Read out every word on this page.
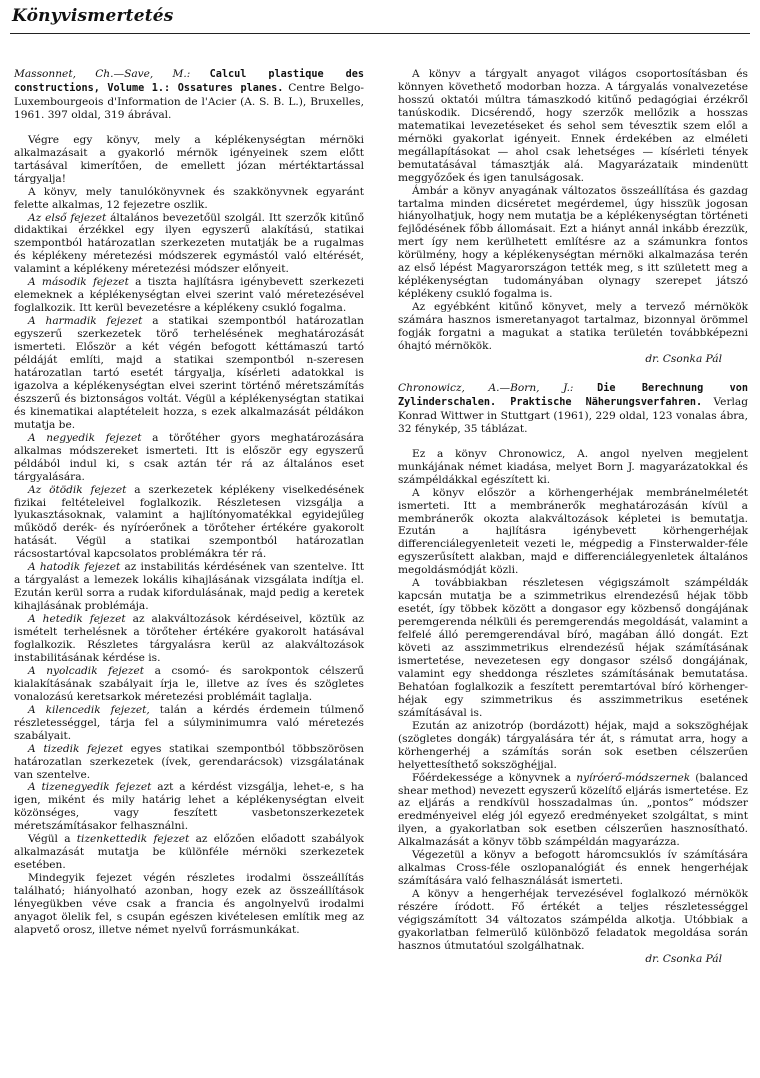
Könyvismertetés

Massonnet, Ch.—Save, M.: Calcul plastique des constructions, Volume 1.: Ossatures planes. Centre Belgo-Luxembourgeois d'Information de l'Acier (A. S. B. L.), Bruxelles, 1961. 397 oldal, 319 ábrával.

Végre egy könyv, mely a képlékenységtan mérnöki alkalmazásait a gyakorló mérnök igényeinek szem előtt tartásával kimerítően, de emellett józan mértéktartással tárgyalja!

A könyv, mely tanulókönyvnek és szakkönyvnek egyaránt felette alkalmas, 12 fejezetre oszlik.

Az első fejezet általános bevezetőül szolgál. Itt szerzők kitűnő didaktikai érzékkel egy ilyen egyszerű alakítású, statikai szempontból határozatlan szerkezeten mutatják be a rugalmas és képlékeny méretezési módszerek egymástól való eltérését, valamint a képlékeny méretezési módszer előnyeit.

A második fejezet a tiszta hajlításra igénybevett szerkezeti elemeknek a képlékenységtan elvei szerint való méretezésével foglalkozik. Itt kerül bevezetésre a képlékeny csukló fogalma.

A harmadik fejezet a statikai szempontból határozatlan egyszerű szerkezetek törő terhelésének meghatározását ismerteti. Először a két végén befogott kéttámaszú tartó példáját említi, majd a statikai szempontból n-szeresen határozatlan tartó esetét tárgyalja, kísérleti adatokkal is igazolva a képlékenységtan elvei szerint történő méretszámítás észszerű és biztonságos voltát. Végül a képlékenységtan statikai és kinematikai alaptételeit hozza, s ezek alkalmazását példákon mutatja be.

A negyedik fejezet a törőtéher gyors meghatározására alkalmas módszereket ismerteti. Itt is először egy egyszerű példából indul ki, s csak aztán tér rá az általános eset tárgyalására.

Az ötödik fejezet a szerkezetek képlékeny viselkedésének fizikai feltételeivel foglalkozik. Részletesen vizsgálja a lyukasztásoknak, valamint a hajlítónyomatékkal egyidejűleg működő derék- és nyíróerőnek a törőteher értékére gyakorolt hatását. Végül a statikai szempontból határozatlan rácsostartóval kapcsolatos problémákra tér rá.

A hatodik fejezet az instabilitás kérdésének van szentelve. Itt a tárgyalást a lemezek lokális kihajlásának vizsgálata indítja el. Ezután kerül sorra a rudak kifordulásának, majd pedig a keretek kihajlásának problémája.

A hetedik fejezet az alakváltozások kérdéseivel, köztük az ismételt terhelésnek a törőteher értékére gyakorolt hatásával foglalkozik. Részletes tárgyalásra kerül az alakváltozások instabilitásának kérdése is.

A nyolcadik fejezet a csomó- és sarokpontok célszerű kialakításának szabályait írja le, illetve az íves és szögletes vonalozású keretsarkok méretezési problémáit taglalja.

A kilencedik fejezet, talán a kérdés érdemein túlmenő részletességgel, tárja fel a súlyminimumra való méretezés szabályait.

A tizedik fejezet egyes statikai szempontból többszörösen határozatlan szerkezetek (ívek, gerendarácsok) vizsgálatának van szentelve.

A tizenegyedik fejezet azt a kérdést vizsgálja, lehet-e, s ha igen, miként és mily határig lehet a képlékenységtan elveit közönséges, vagy feszített vasbetonszerkezetek méretszámításakor felhasználni.

Végül a tizenkettedik fejezet az előzően előadott szabályok alkalmazását mutatja be különféle mérnöki szerkezetek esetében.

Mindegyik fejezet végén részletes irodalmi összeállítás található; hiányolható azonban, hogy ezek az összeállítások lényegükben véve csak a francia és angolnyelvű irodalmi anyagot ölelik fel, s csupán egészen kivételesen említik meg az alapvető orosz, illetve német nyelvű forrásmunkákat.

A könyv a tárgyalt anyagot világos csoportosításban és könnyen követhető modorban hozza. A tárgyalás vonalvezetése hosszú oktatói múltra támaszkodó kitűnő pedagógiai érzékről tanúskodik. Dicsérendő, hogy szerzők mellőzik a hosszas matematikai levezetéseket és sehol sem tévesztik szem elől a mérnöki gyakorlat igényeit. Ennek érdekében az elméleti megállapításokat — ahol csak lehetséges — kísérleti tények bemutatásával támasztják alá. Magyarázataik mindenütt meggyőzőek és igen tanulságosak.

Ámbár a könyv anyagának változatos összeállítása és gazdag tartalma minden dicséretet megérdemel, úgy hisszük jogosan hiányolhatjuk, hogy nem mutatja be a képlékenységtan történeti fejlődésének főbb állomásait. Ezt a hiányt annál inkább érezzük, mert így nem kerülhetett említésre az a számunkra fontos körülmény, hogy a képlékenységtan mérnöki alkalmazása terén az első lépést Magyarországon tették meg, s itt született meg a képlékenységtan tudományában olynagy szerepet játszó képlékeny csukló fogalma is.

Az egyébként kitűnő könyvet, mely a tervező mérnökök számára hasznos ismeretanyagot tartalmaz, bizonnyal örömmel fogják forgatni a magukat a statika területén továbbképezni óhajtó mérnökök.

dr. Csonka Pál

Chronowicz, A.—Born, J.: Die Berechnung von Zylinderschalen. Praktische Näherungsverfahren. Verlag Konrad Wittwer in Stuttgart (1961), 229 oldal, 123 vonalas ábra, 32 fénykép, 35 táblázat.

Ez a könyv Chronowicz, A. angol nyelven megjelent munkájának német kiadása, melyet Born J. magyarázatokkal és számpéldákkal egészített ki.

A könyv először a körhengerhéjak membránelméletét ismerteti. Itt a membránerők meghatározásán kívül a membránerők okozta alakváltozások képletei is bemutatja. Ezután a hajlításra igénybevett körhengerhéjak differenciálegyenleteit vezeti le, mégpedig a Finsterwalder-féle egyszerűsített alakban, majd e differenciálegyenletek általános megoldásmódját közli.

A továbbiakban részletesen végigszámolt számpéldák kapcsán mutatja be a szimmetrikus elrendezésű héjak több esetét, így többek között a dongasor egy közbenső dongájának peremgerenda nélküli és peremgerendás megoldását, valamint a felfelé álló peremgerendával bíró, magában álló dongát. Ezt követi az asszimmetrikus elrendezésű héjak számításának ismertetése, nevezetesen egy dongasor szélső dongájának, valamint egy sheddonga részletes számításának bemutatása. Behatóan foglalkozik a feszített peremtartóval bíró körhenger-héjak egy szimmetrikus és asszimmetrikus esetének számításával is.

Ezután az anizotróp (bordázott) héjak, majd a sokszöghéjak (szögletes dongák) tárgyalására tér át, s rámutat arra, hogy a körhengerhéj a számítás során sok esetben célszerűen helyettesíthető sokszöghéjjal.

Főérdekessége a könyvnek a nyíróerő-módszernek (balanced shear method) nevezett egyszerű közelítő eljárás ismertetése. Ez az eljárás a rendkívül hosszadalmas ún. „pontos” módszer eredményeivel elég jól egyező eredményeket szolgáltat, s mint ilyen, a gyakorlatban sok esetben célszerűen hasznosítható. Alkalmazását a könyv több számpéldán magyarázza.

Végezetül a könyv a befogott háromcsuklós ív számítására alkalmas Cross-féle oszlopanalógiát és ennek hengerhéjak számítására való felhasználását ismerteti.

A könyv a hengerhéjak tervezésével foglalkozó mérnökök részére íródott. Fő értékét a teljes részletességgel végigszámított 34 változatos számpélda alkotja. Utóbbiak a gyakorlatban felmerülő különböző feladatok megoldása során hasznos útmutatóul szolgálhatnak.

dr. Csonka Pál
